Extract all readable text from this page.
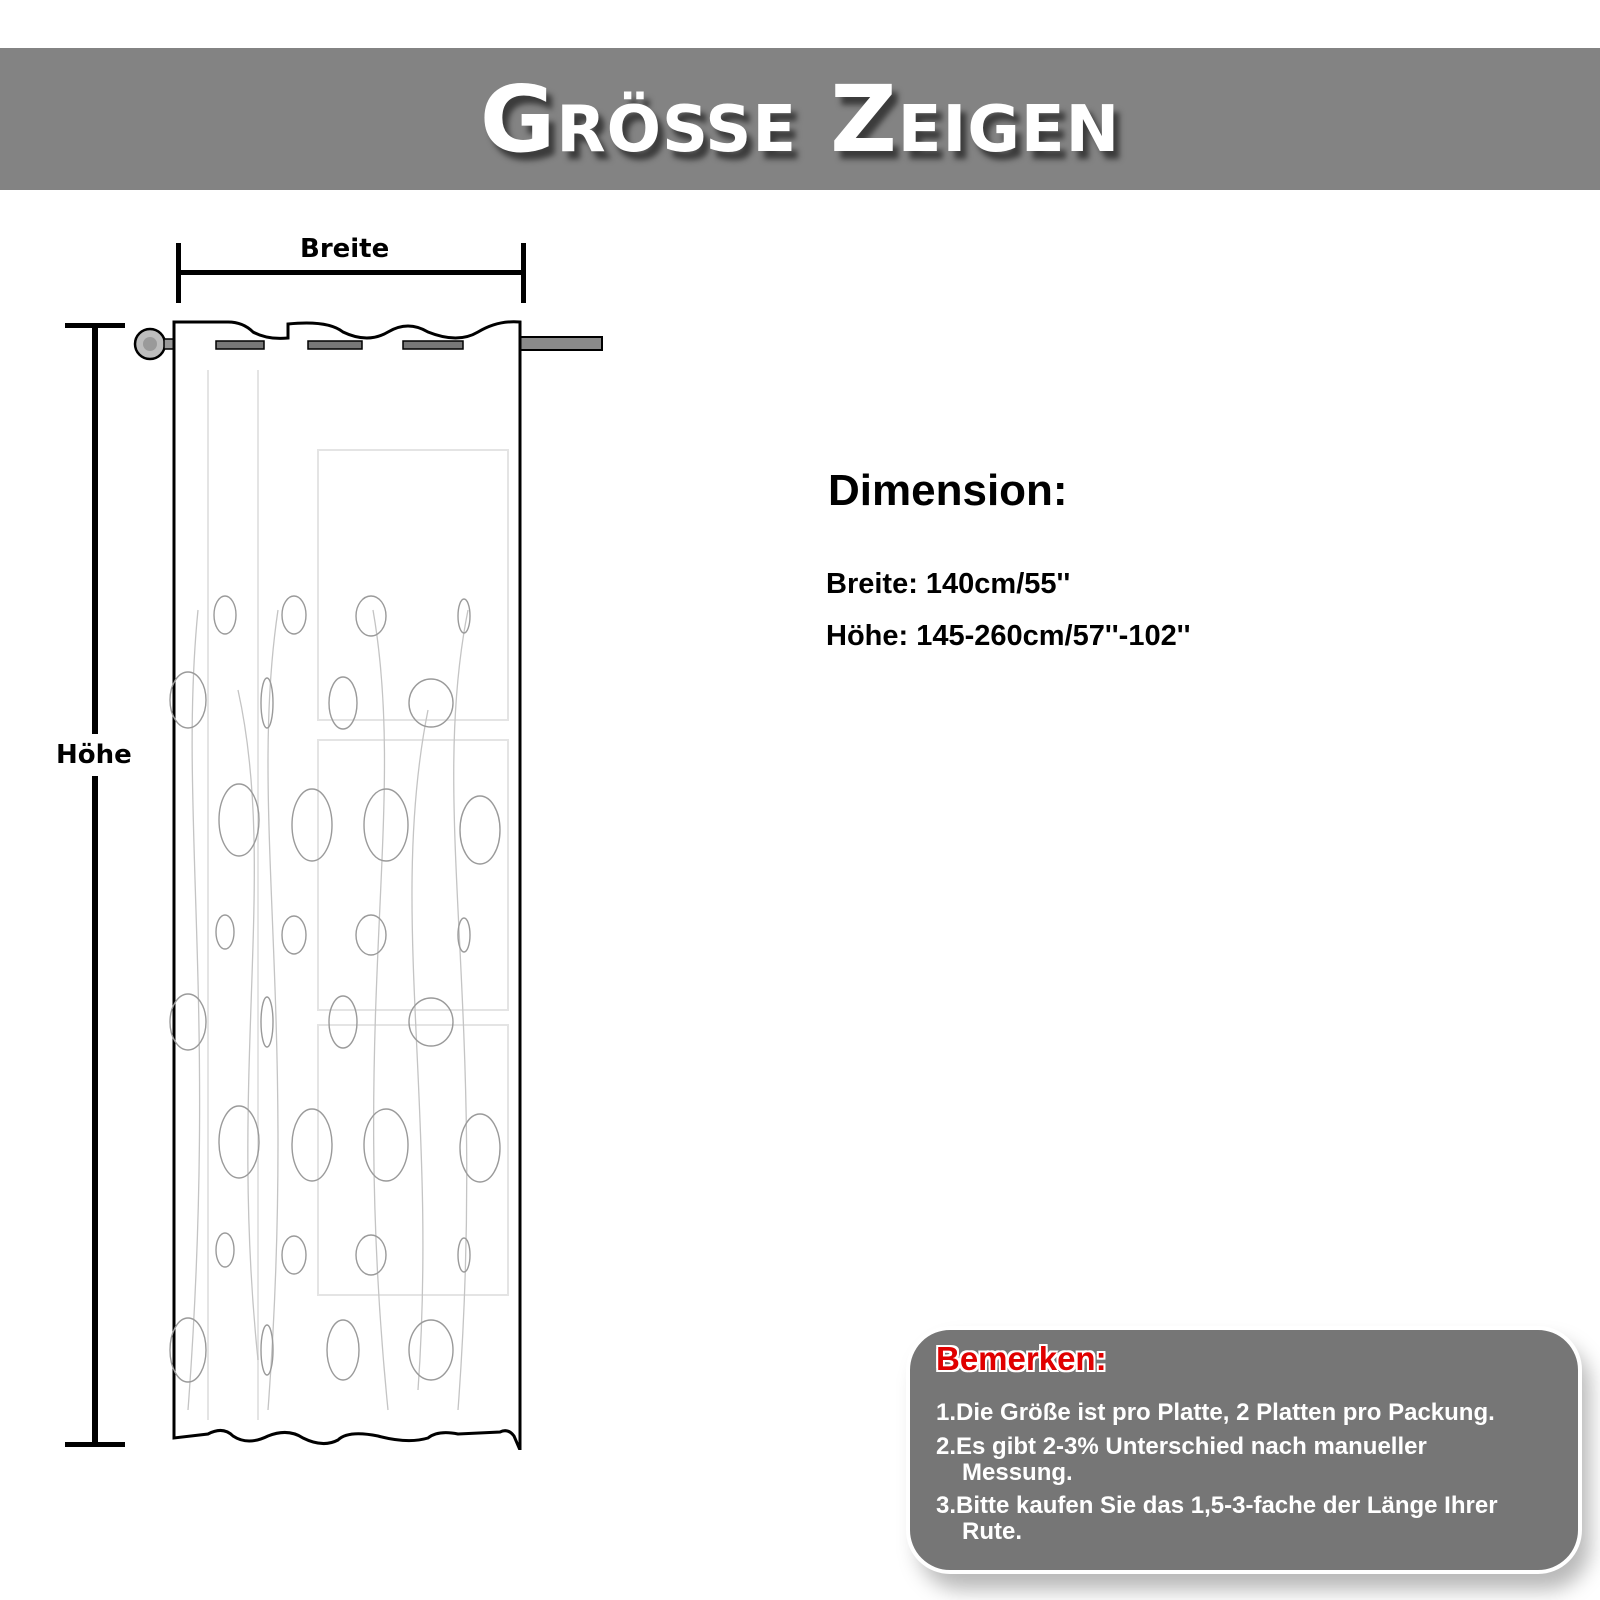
Größe Zeigen
Breite
Höhe
Dimension:
Breite: 140cm/55''
Höhe: 145-260cm/57''-102''
Bemerken:
1.Die Größe ist pro Platte, 2 Platten pro Packung.
2.Es gibt 2-3% Unterschied nach manueller
Messung.
3.Bitte kaufen Sie das 1,5-3-fache der Länge Ihrer
Rute.
